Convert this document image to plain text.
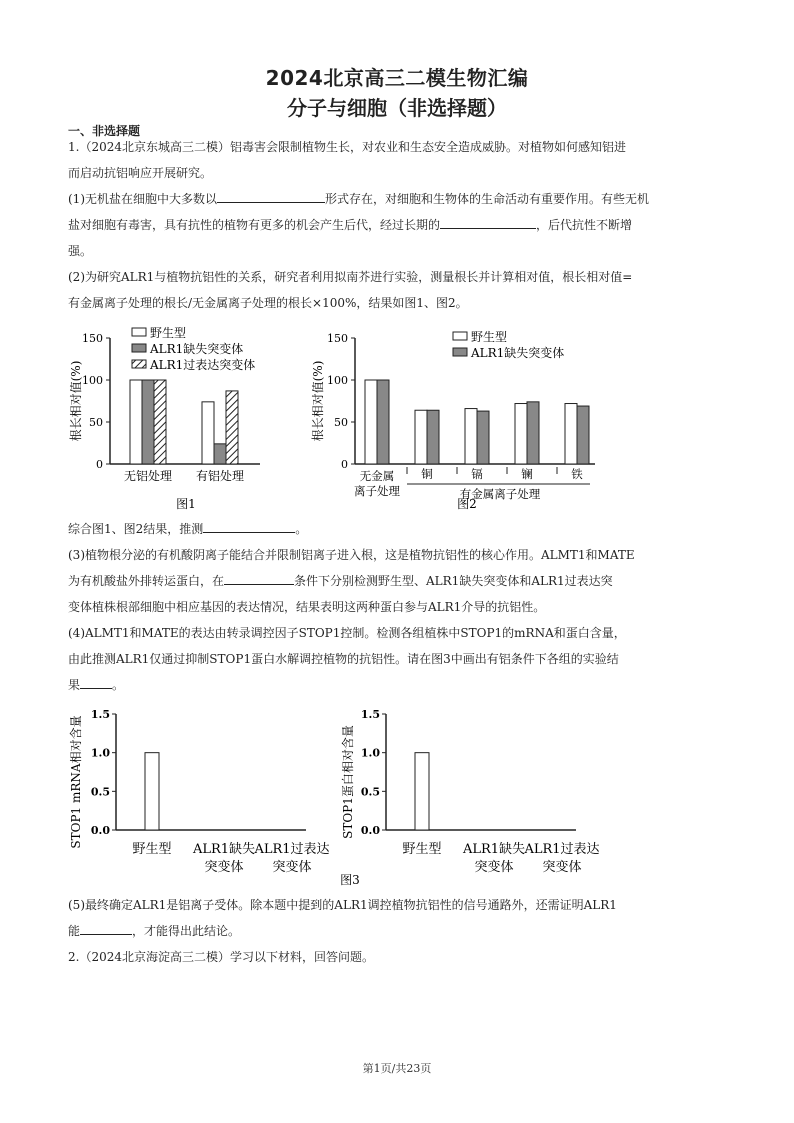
2024北京高三二模生物汇编
分子与细胞（非选择题）
一、非选择题
1.（2024北京东城高三二模）铝毒害会限制植物生长，对农业和生态安全造成威胁。对植物如何感知铝进
而启动抗铝响应开展研究。
(1)无机盐在细胞中大多数以	形式存在，对细胞和生物体的生命活动有重要作用。有些无机
盐对细胞有毒害，具有抗性的植物有更多的机会产生后代，经过长期的	，后代抗性不断增
强。
(2)为研究ALR1与植物抗铝性的关系，研究者利用拟南芥进行实验，测量根长并计算相对值，根长相对值=
有金属离子处理的根长/无金属离子处理的根长×100%，结果如图1、图2。
0
50
100
150
根长相对值(%)
无铝处理 有铝处理
野生型
ALR1缺失突变体
ALR1过表达突变体
图1
0
50
100
150
根长相对值(%)
无金属
离子处理
铜	镉	镧	铁
有金属离子处理
野生型
ALR1缺失突变体
图2
综合图1、图2结果，推测	。
(3)植物根分泌的有机酸阴离子能结合并限制铝离子进入根，这是植物抗铝性的核心作用。ALMT1和MATE
为有机酸盐外排转运蛋白，在	条件下分别检测野生型、ALR1缺失突变体和ALR1过表达突
变体植株根部细胞中相应基因的表达情况，结果表明这两种蛋白参与ALR1介导的抗铝性。
(4)ALMT1和MATE的表达由转录调控因子STOP1控制。检测各组植株中STOP1的mRNA和蛋白含量，
由此推测ALR1仅通过抑制STOP1蛋白水解调控植物的抗铝性。请在图3中画出有铝条件下各组的实验结
果	。
0.0
0.5
1.0
1.5
STOP1 mRNA相对含量
野生型 ALR1缺失
突变体
ALR1过表达
突变体
图3
0.0
0.5
1.0
1.5
STOP1蛋白相对含量
野生型 ALR1缺失
突变体
ALR1过表达
突变体
(5)最终确定ALR1是铝离子受体。除本题中提到的ALR1调控植物抗铝性的信号通路外，还需证明ALR1
能	，才能得出此结论。
2.（2024北京海淀高三二模）学习以下材料，回答问题。
第1页/共23页
